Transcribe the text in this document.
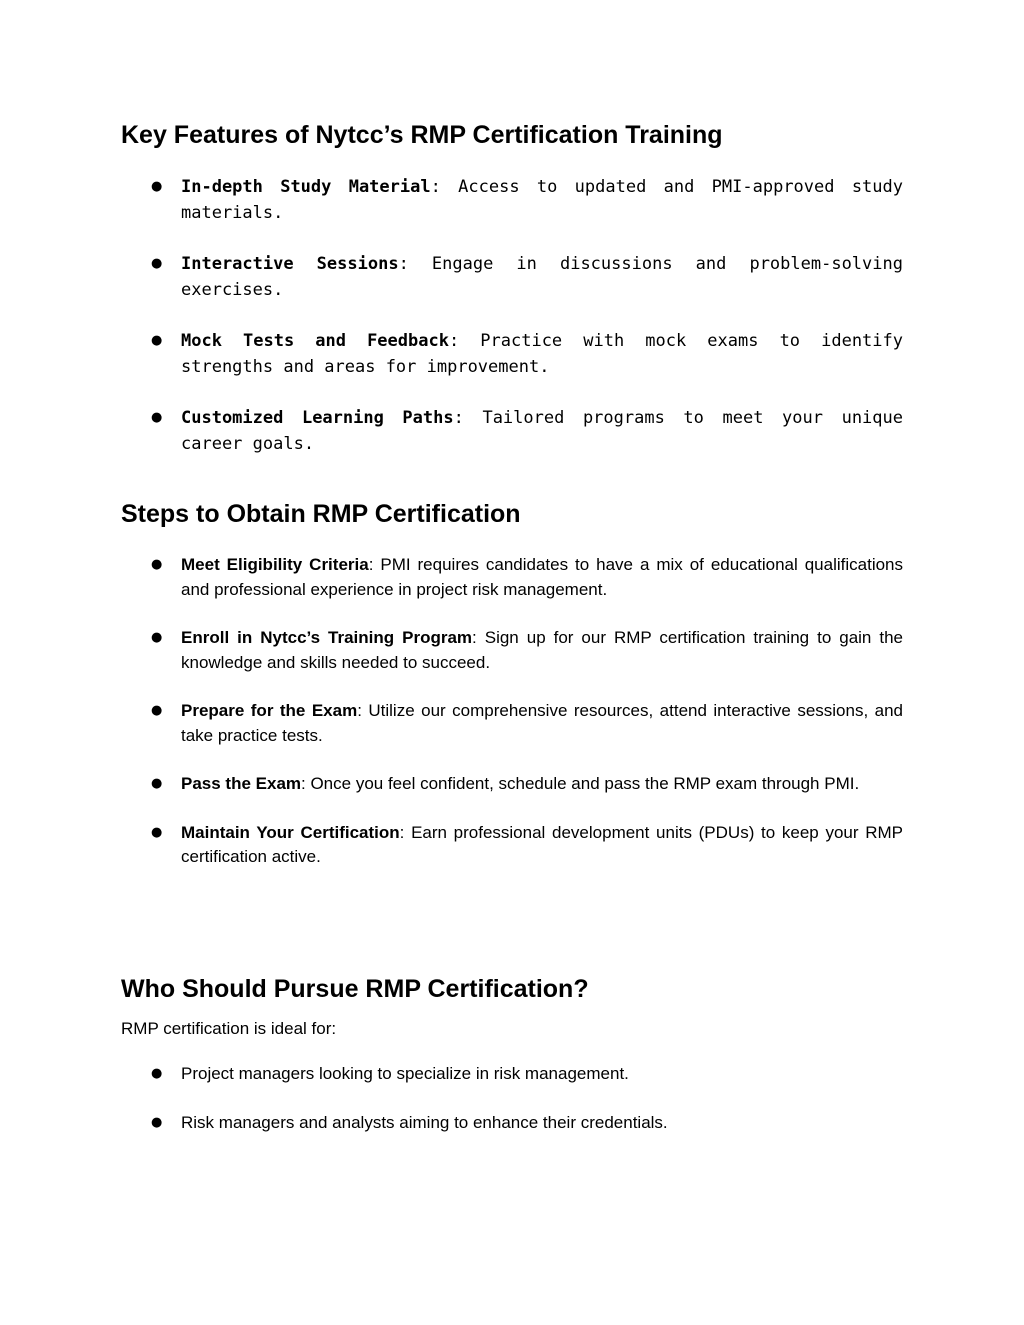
Key Features of Nytcc’s RMP Certification Training
● In-depth Study Material: Access to updated and PMI-approved study materials.
● Interactive Sessions: Engage in discussions and problem-solving exercises.
● Mock Tests and Feedback: Practice with mock exams to identify strengths and areas for improvement.
● Customized Learning Paths: Tailored programs to meet your unique career goals.
Steps to Obtain RMP Certification
● Meet Eligibility Criteria: PMI requires candidates to have a mix of educational qualifications and professional experience in project risk management.
● Enroll in Nytcc’s Training Program: Sign up for our RMP certification training to gain the knowledge and skills needed to succeed.
● Prepare for the Exam: Utilize our comprehensive resources, attend interactive sessions, and take practice tests.
● Pass the Exam: Once you feel confident, schedule and pass the RMP exam through PMI.
● Maintain Your Certification: Earn professional development units (PDUs) to keep your RMP certification active.
Who Should Pursue RMP Certification?

RMP certification is ideal for:

● Project managers looking to specialize in risk management.
● Risk managers and analysts aiming to enhance their credentials.
